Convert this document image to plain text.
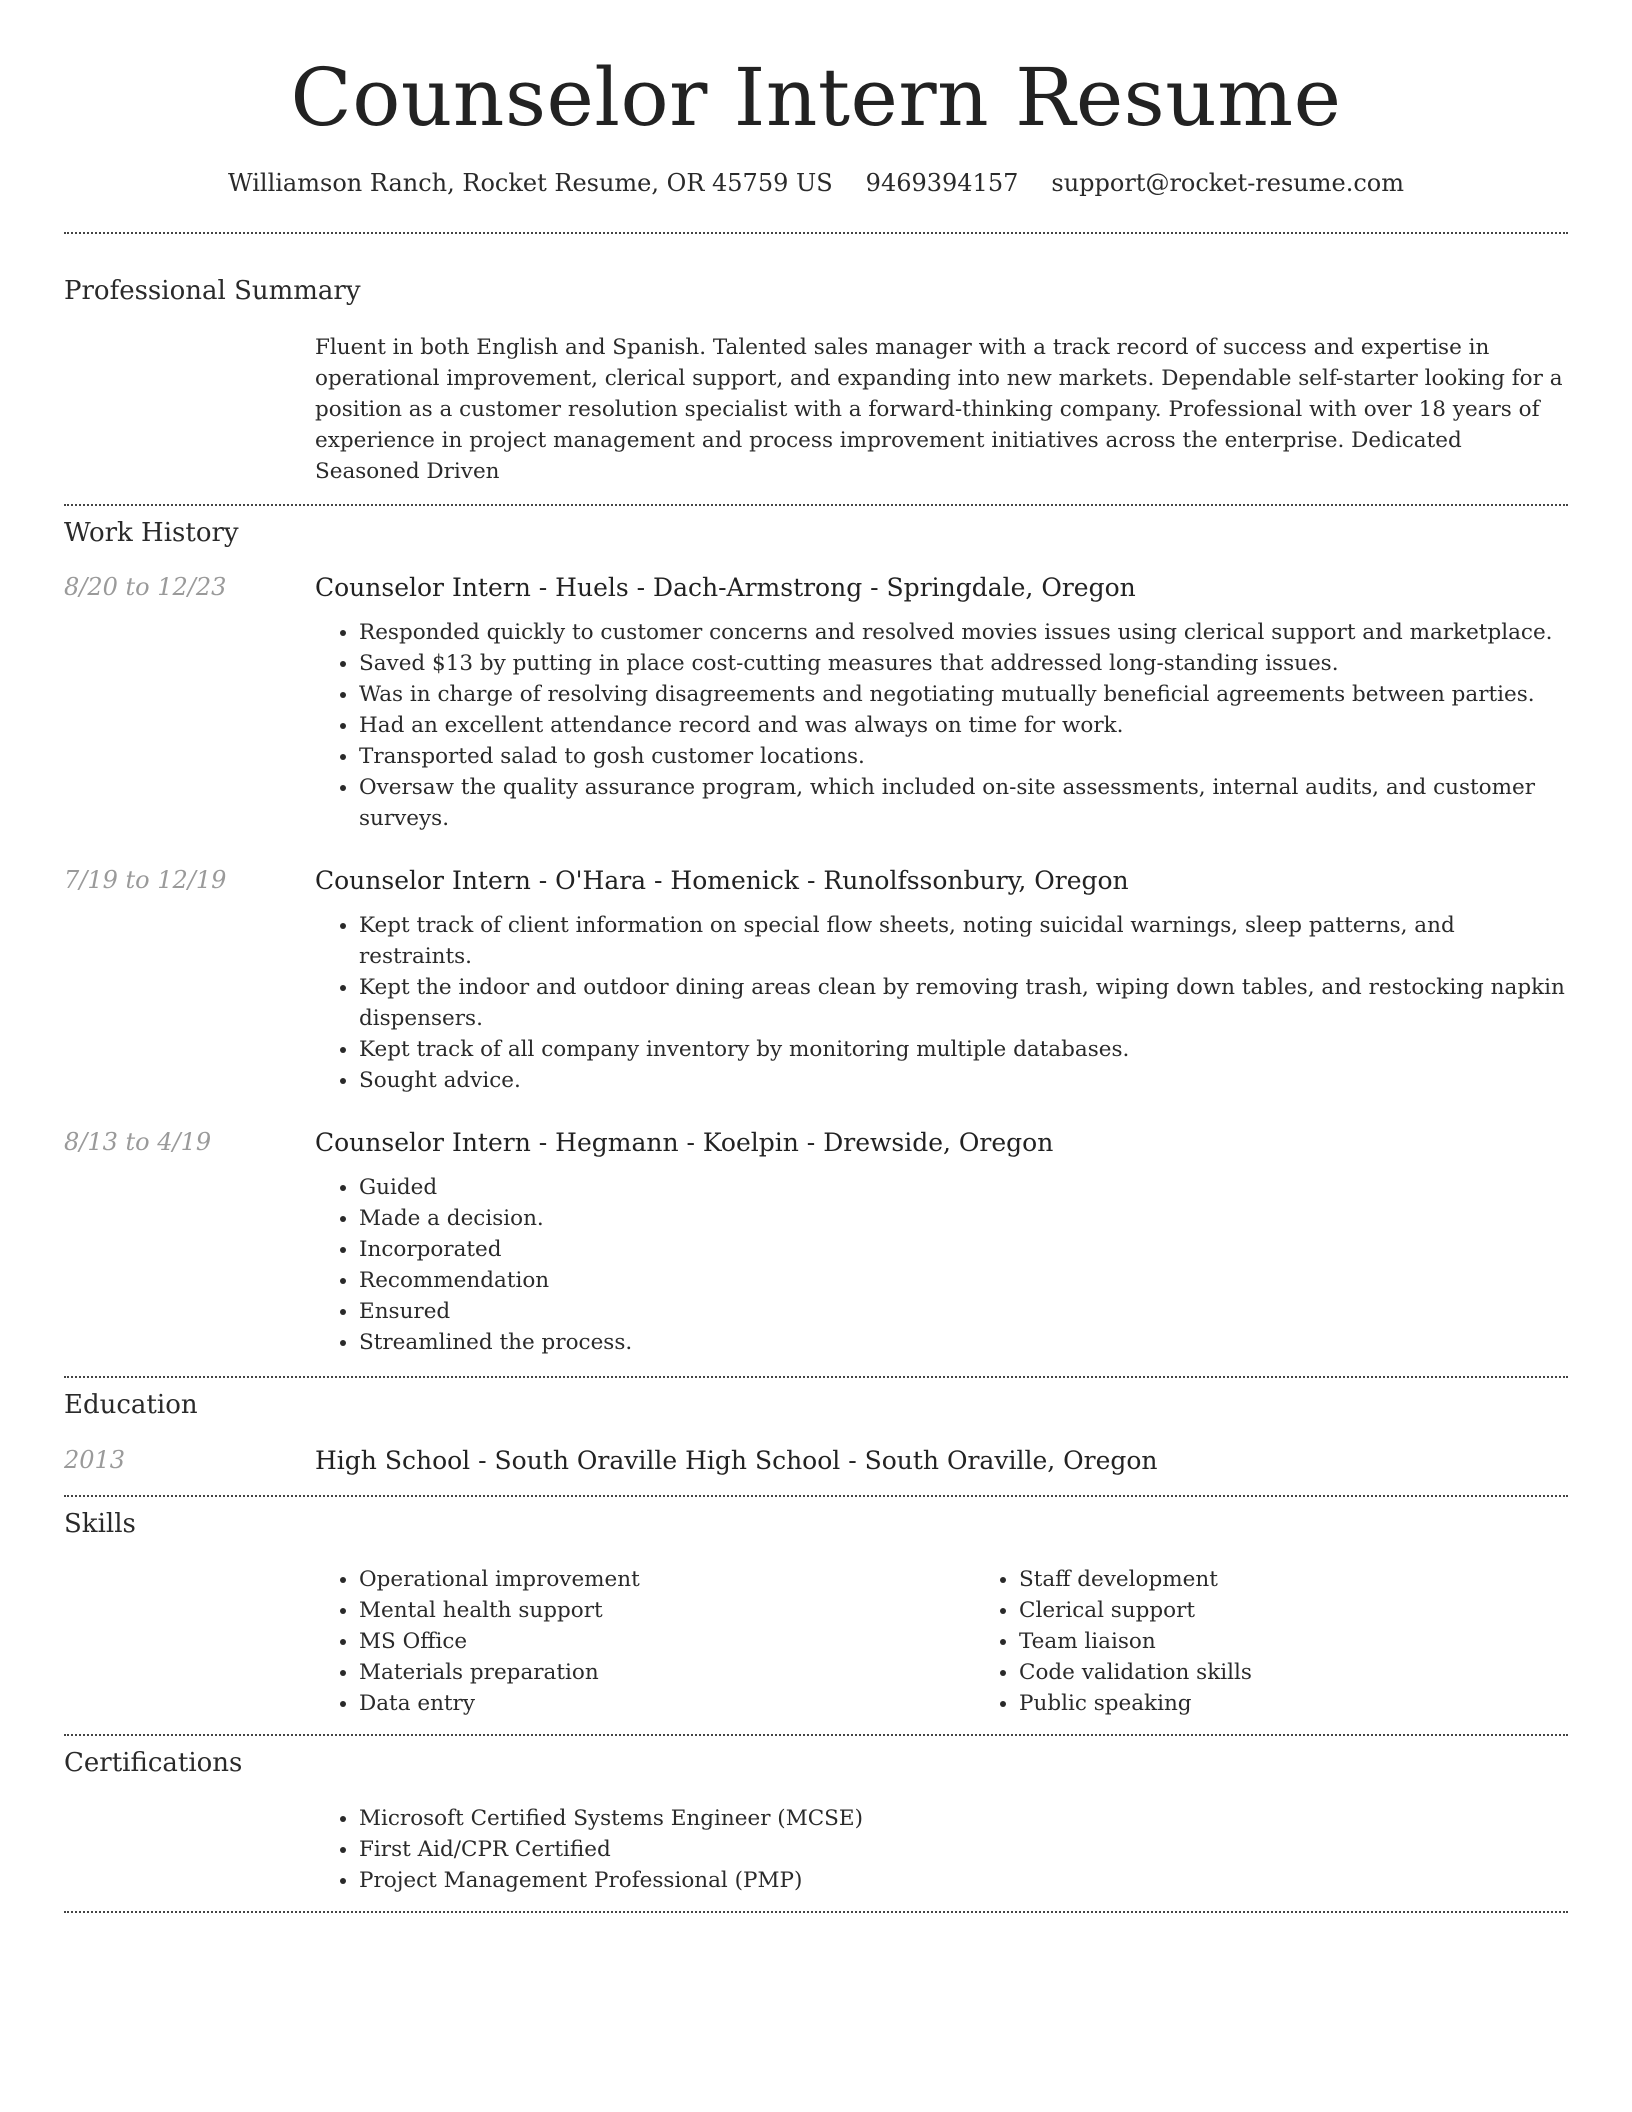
Counselor Intern Resume
Williamson Ranch, Rocket Resume, OR 45759 US 9469394157 support@rocket-resume.com
Professional Summary
Fluent in both English and Spanish. Talented sales manager with a track record of success and expertise in operational improvement, clerical support, and expanding into new markets. Dependable self-starter looking for a position as a customer resolution specialist with a forward-thinking company. Professional with over 18 years of experience in project management and process improvement initiatives across the enterprise. Dedicated Seasoned Driven
Work History
8/20 to 12/23	Counselor Intern - Huels - Dach-Armstrong - Springdale, Oregon
• Responded quickly to customer concerns and resolved movies issues using clerical support and marketplace.
• Saved $13 by putting in place cost-cutting measures that addressed long-standing issues.
• Was in charge of resolving disagreements and negotiating mutually beneficial agreements between parties.
• Had an excellent attendance record and was always on time for work.
• Transported salad to gosh customer locations.
• Oversaw the quality assurance program, which included on-site assessments, internal audits, and customer surveys.
7/19 to 12/19	Counselor Intern - O'Hara - Homenick - Runolfssonbury, Oregon
• Kept track of client information on special flow sheets, noting suicidal warnings, sleep patterns, and restraints.
• Kept the indoor and outdoor dining areas clean by removing trash, wiping down tables, and restocking napkin dispensers.
• Kept track of all company inventory by monitoring multiple databases.
• Sought advice.
8/13 to 4/19	Counselor Intern - Hegmann - Koelpin - Drewside, Oregon
• Guided
• Made a decision.
• Incorporated
• Recommendation
• Ensured
• Streamlined the process.
Education
2013	High School - South Oraville High School - South Oraville, Oregon
Skills
• Operational improvement
• Mental health support
• MS Office
• Materials preparation
• Data entry
• Staff development
• Clerical support
• Team liaison
• Code validation skills
• Public speaking
Certifications
• Microsoft Certified Systems Engineer (MCSE)
• First Aid/CPR Certified
• Project Management Professional (PMP)
